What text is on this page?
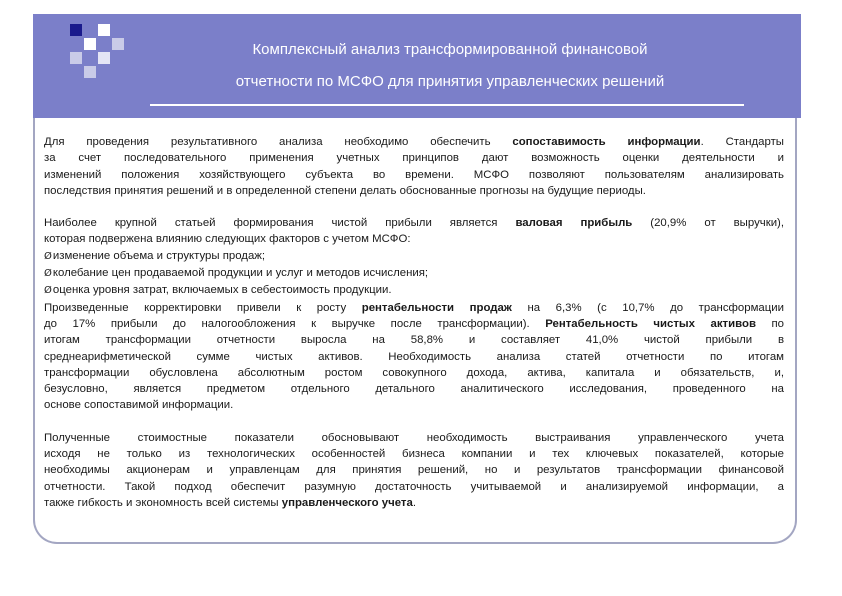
Комплексный анализ трансформированной финансовой
отчетности по МСФО для принятия управленческих решений
Для проведения результативного анализа необходимо обеспечить сопоставимость информации. Стандарты
за счет последовательного применения учетных принципов дают возможность оценки деятельности и
изменений положения хозяйствующего субъекта во времени. МСФО позволяют пользователям анализировать
последствия принятия решений и в определенной степени делать обоснованные прогнозы на будущие периоды.
Наиболее крупной статьей формирования чистой прибыли является валовая прибыль (20,9% от выручки),
которая подвержена влиянию следующих факторов с учетом МСФО:
Øизменение объема и структуры продаж;
Øколебание цен продаваемой продукции и услуг и методов исчисления;
Øоценка уровня затрат, включаемых в себестоимость продукции.
Произведенные корректировки привели к росту рентабельности продаж на 6,3% (с 10,7% до трансформации
до 17% прибыли до налогообложения к выручке после трансформации). Рентабельность чистых активов по
итогам трансформации отчетности выросла на 58,8% и составляет 41,0% чистой прибыли в
среднеарифметической сумме чистых активов. Необходимость анализа статей отчетности по итогам
трансформации обусловлена абсолютным ростом совокупного дохода, актива, капитала и обязательств, и,
безусловно, является предметом отдельного детального аналитического исследования, проведенного на
основе сопоставимой информации.
Полученные стоимостные показатели обосновывают необходимость выстраивания управленческого учета
исходя не только из технологических особенностей бизнеса компании и тех ключевых показателей, которые
необходимы акционерам и управленцам для принятия решений, но и результатов трансформации финансовой
отчетности. Такой подход обеспечит разумную достаточность учитываемой и анализируемой информации, а
также гибкость и экономность всей системы управленческого учета.
